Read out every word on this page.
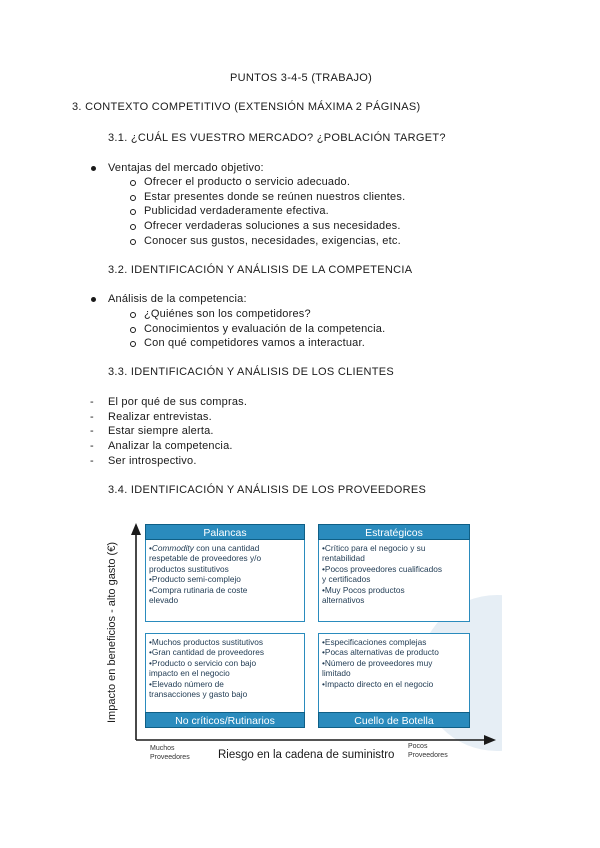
PUNTOS 3-4-5 (TRABAJO)
3. CONTEXTO COMPETITIVO (EXTENSIÓN MÁXIMA 2 PÁGINAS)
3.1. ¿CUÁL ES VUESTRO MERCADO? ¿POBLACIÓN TARGET?
Ventajas del mercado objetivo:
Ofrecer el producto o servicio adecuado.
Estar presentes donde se reúnen nuestros clientes.
Publicidad verdaderamente efectiva.
Ofrecer verdaderas soluciones a sus necesidades.
Conocer sus gustos, necesidades, exigencias, etc.
3.2. IDENTIFICACIÓN Y ANÁLISIS DE LA COMPETENCIA
Análisis de la competencia:
¿Quiénes son los competidores?
Conocimientos y evaluación de la competencia.
Con qué competidores vamos a interactuar.
3.3. IDENTIFICACIÓN Y ANÁLISIS DE LOS CLIENTES
- El por qué de sus compras.
- Realizar entrevistas.
- Estar siempre alerta.
- Analizar la competencia.
- Ser introspectivo.
3.4. IDENTIFICACIÓN Y ANÁLISIS DE LOS PROVEEDORES
Impacto en beneficios - alto gasto (€)
Palancas
•Commodity con una cantidad
respetable de proveedores y/o
productos sustitutivos
•Producto semi-complejo
•Compra rutinaria de coste
elevado
Estratégicos
•Crítico para el negocio y su
rentabilidad
•Pocos proveedores cualificados
y certificados
•Muy Pocos productos
alternativos
•Muchos productos sustitutivos
•Gran cantidad de proveedores
•Producto o servicio con bajo
impacto en el negocio
•Elevado número de
transacciones y gasto bajo
No críticos/Rutinarios
•Especificaciones complejas
•Pocas alternativas de producto
•Número de proveedores muy
limitado
•Impacto directo en el negocio
Cuello de Botella
Muchos
Proveedores Riesgo en la cadena de suministro
Pocos
Proveedores
